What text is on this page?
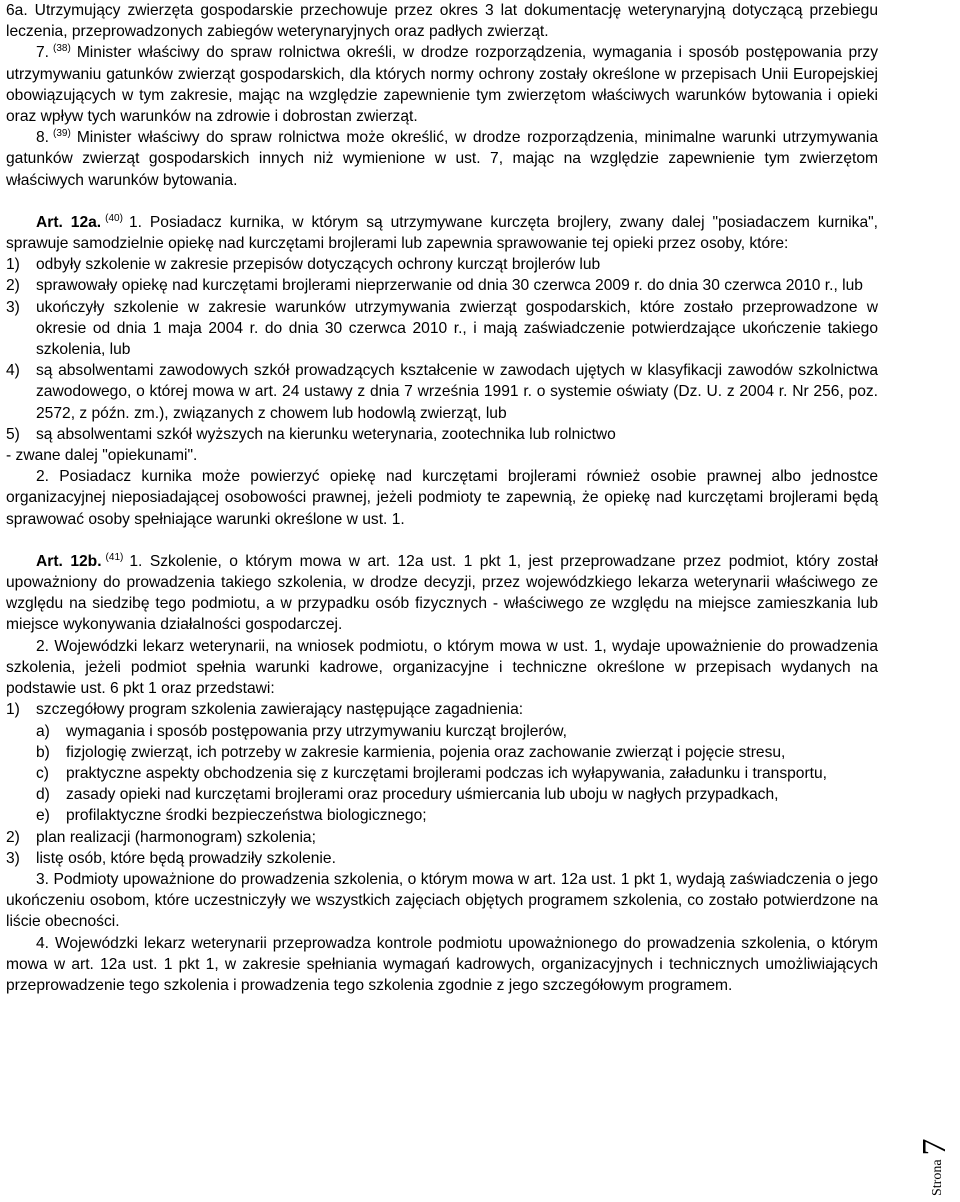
6a. Utrzymujący zwierzęta gospodarskie przechowuje przez okres 3 lat dokumentację weterynaryjną dotyczącą przebiegu leczenia, przeprowadzonych zabiegów weterynaryjnych oraz padłych zwierząt.

7. $^{(38)}$ Minister właściwy do spraw rolnictwa określi, w drodze rozporządzenia, wymagania i sposób postępowania przy utrzymywaniu gatunków zwierząt gospodarskich, dla których normy ochrony zostały określone w przepisach Unii Europejskiej obowiązujących w tym zakresie, mając na względzie zapewnienie tym zwierzętom właściwych warunków bytowania i opieki oraz wpływ tych warunków na zdrowie i dobrostan zwierząt.

8. $^{(39)}$ Minister właściwy do spraw rolnictwa może określić, w drodze rozporządzenia, minimalne warunki utrzymywania gatunków zwierząt gospodarskich innych niż wymienione w ust. 7, mając na względzie zapewnienie tym zwierzętom właściwych warunków bytowania.

Art. 12a. $^{(40)}$ 1. Posiadacz kurnika, w którym są utrzymywane kurczęta brojlery, zwany dalej "posiadaczem kurnika", sprawuje samodzielnie opiekę nad kurczętami brojlerami lub zapewnia sprawowanie tej opieki przez osoby, które:

1)	odbyły szkolenie w zakresie przepisów dotyczących ochrony kurcząt brojlerów lub
2)	sprawowały opiekę nad kurczętami brojlerami nieprzerwanie od dnia 30 czerwca 2009 r. do dnia 30 czerwca 2010 r., lub
3)	ukończyły szkolenie w zakresie warunków utrzymywania zwierząt gospodarskich, które zostało przeprowadzone w okresie od dnia 1 maja 2004 r. do dnia 30 czerwca 2010 r., i mają zaświadczenie potwierdzające ukończenie takiego szkolenia, lub
4)	są absolwentami zawodowych szkół prowadzących kształcenie w zawodach ujętych w klasyfikacji zawodów szkolnictwa zawodowego, o której mowa w art. 24 ustawy z dnia 7 września 1991 r. o systemie oświaty (Dz. U. z 2004 r. Nr 256, poz. 2572, z późn. zm.), związanych z chowem lub hodowlą zwierząt, lub
5)	są absolwentami szkół wyższych na kierunku weterynaria, zootechnika lub rolnictwo

- zwane dalej "opiekunami".

2. Posiadacz kurnika może powierzyć opiekę nad kurczętami brojlerami również osobie prawnej albo jednostce organizacyjnej nieposiadającej osobowości prawnej, jeżeli podmioty te zapewnią, że opiekę nad kurczętami brojlerami będą sprawować osoby spełniające warunki określone w ust. 1.

Art. 12b. $^{(41)}$ 1. Szkolenie, o którym mowa w art. 12a ust. 1 pkt 1, jest przeprowadzane przez podmiot, który został upoważniony do prowadzenia takiego szkolenia, w drodze decyzji, przez wojewódzkiego lekarza weterynarii właściwego ze względu na siedzibę tego podmiotu, a w przypadku osób fizycznych - właściwego ze względu na miejsce zamieszkania lub miejsce wykonywania działalności gospodarczej.

2. Wojewódzki lekarz weterynarii, na wniosek podmiotu, o którym mowa w ust. 1, wydaje upoważnienie do prowadzenia szkolenia, jeżeli podmiot spełnia warunki kadrowe, organizacyjne i techniczne określone w przepisach wydanych na podstawie ust. 6 pkt 1 oraz przedstawi:

1)	szczegółowy program szkolenia zawierający następujące zagadnienia:
a)	wymagania i sposób postępowania przy utrzymywaniu kurcząt brojlerów,
b)	fizjologię zwierząt, ich potrzeby w zakresie karmienia, pojenia oraz zachowanie zwierząt i pojęcie stresu,
c)	praktyczne aspekty obchodzenia się z kurczętami brojlerami podczas ich wyłapywania, załadunku i transportu,
d)	zasady opieki nad kurczętami brojlerami oraz procedury uśmiercania lub uboju w nagłych przypadkach,
e)	profilaktyczne środki bezpieczeństwa biologicznego;
2)	plan realizacji (harmonogram) szkolenia;
3)	listę osób, które będą prowadziły szkolenie.

3. Podmioty upoważnione do prowadzenia szkolenia, o którym mowa w art. 12a ust. 1 pkt 1, wydają zaświadczenia o jego ukończeniu osobom, które uczestniczyły we wszystkich zajęciach objętych programem szkolenia, co zostało potwierdzone na liście obecności.

4. Wojewódzki lekarz weterynarii przeprowadza kontrole podmiotu upoważnionego do prowadzenia szkolenia, o którym mowa w art. 12a ust. 1 pkt 1, w zakresie spełniania wymagań kadrowych, organizacyjnych i technicznych umożliwiających przeprowadzenie tego szkolenia i prowadzenia tego szkolenia zgodnie z jego szczegółowym programem.

Strona7
